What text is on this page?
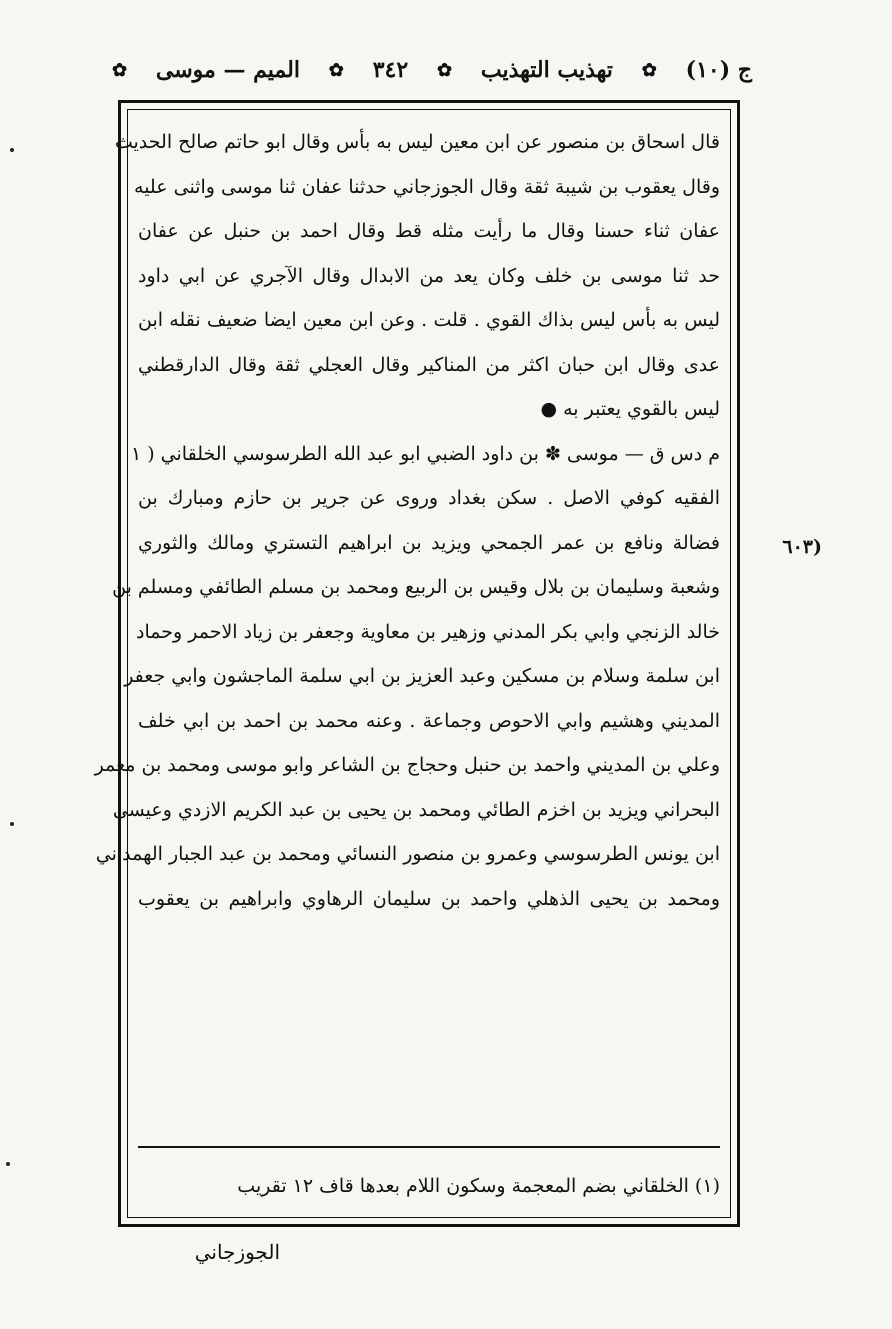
ج (١٠)
✿
تهذيب التهذيب
✿
٣٤٢
✿
الميم — موسى
✿
(٦٠٣
قال اسحاق بن منصور عن ابن معين ليس به بأس وقال ابو حاتم صالح الحديث
وقال يعقوب بن شيبة ثقة وقال الجوزجاني حدثنا عفان ثنا موسى واثنى عليه
عفان ثناء حسنا وقال ما رأيت مثله قط وقال احمد بن حنبل عن عفان
حد ثنا موسى بن خلف وكان يعد من الابدال وقال الآجري عن ابي داود
ليس به بأس ليس بذاك القوي . قلت . وعن ابن معين ايضا ضعيف نقله ابن
عدى وقال ابن حبان اكثر من المناكير وقال العجلي ثقة وقال الدارقطني
ليس بالقوي يعتبر به ●
م دس ق — موسى ✽ بن داود الضبي ابو عبد الله الطرسوسي الخلقاني ( ١
الفقيه كوفي الاصل . سكن بغداد وروى عن جرير بن حازم ومبارك بن
فضالة ونافع بن عمر الجمحي ويزيد بن ابراهيم التستري ومالك والثوري
وشعبة وسليمان بن بلال وقيس بن الربيع ومحمد بن مسلم الطائفي ومسلم بن
خالد الزنجي وابي بكر المدني وزهير بن معاوية وجعفر بن زياد الاحمر وحماد
ابن سلمة وسلام بن مسكين وعبد العزيز بن ابي سلمة الماجشون وابي جعفر
المديني وهشيم وابي الاحوص وجماعة . وعنه محمد بن احمد بن ابي خلف
وعلي بن المديني واحمد بن حنبل وحجاج بن الشاعر وابو موسى ومحمد بن معمر
البحراني ويزيد بن اخزم الطائي ومحمد بن يحيى بن عبد الكريم الازدي وعيسى
ابن يونس الطرسوسي وعمرو بن منصور النسائي ومحمد بن عبد الجبار الهمداني
ومحمد بن يحيى الذهلي واحمد بن سليمان الرهاوي وابراهيم بن يعقوب
(١) الخلقاني بضم المعجمة وسكون اللام بعدها قاف ١٢ تقريب
الجوزجاني
